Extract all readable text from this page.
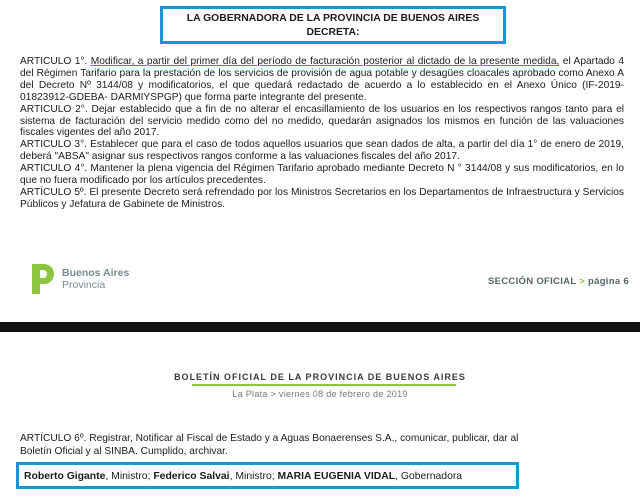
LA GOBERNADORA DE LA PROVINCIA DE BUENOS AIRES
DECRETA:

ARTICULO 1°. Modificar, a partir del primer día del período de facturación posterior al dictado de la presente medida, el Apartado 4 del Régimen Tarifario para la prestación de los servicios de provisión de agua potable y desagües cloacales aprobado como Anexo A del Decreto Nº 3144/08 y modificatorios, el que quedará redactado de acuerdo a lo establecido en el Anexo Único (IF-2019-01823912-GDEBA- DARMIYSPGP) que forma parte integrante del presente.

ARTICULO 2°. Dejar establecido que a fin de no alterar el encasillamiento de los usuarios en los respectivos rangos tanto para el sistema de facturación del servicio medido como del no medido, quedarán asignados los mismos en función de las valuaciones fiscales vigentes del año 2017.

ARTICULO 3°. Establecer que para el caso de todos aquellos usuarios que sean dados de alta, a partir del día 1° de enero de 2019, deberá "ABSA" asignar sus respectivos rangos conforme a las valuaciones fiscales del año 2017.

ARTICULO 4°. Mantener la plena vigencia del Régimen Tarifario aprobado mediante Decreto N ° 3144/08 y sus modificatorios, en lo que no fuera modificado por los artículos precedentes.

ARTÍCULO 5º. El presente Decreto será refrendado por los Ministros Secretarios en los Departamentos de Infraestructura y Servicios Públicos y Jefatura de Gabinete de Ministros.

Buenos Aires
Provincia	SECCIÓN OFICIAL > página 6
BOLETÍN OFICIAL DE LA PROVINCIA DE BUENOS AIRES
La Plata > viernes 08 de febrero de 2019
ARTÍCULO 6º. Registrar, Notificar al Fiscal de Estado y a Aguas Bonaerenses S.A., comunicar, publicar, dar al Boletín Oficial y al SINBA. Cumplido, archivar.
Roberto Gigante, Ministro; Federico Salvai, Ministro; MARIA EUGENIA VIDAL, Gobernadora
